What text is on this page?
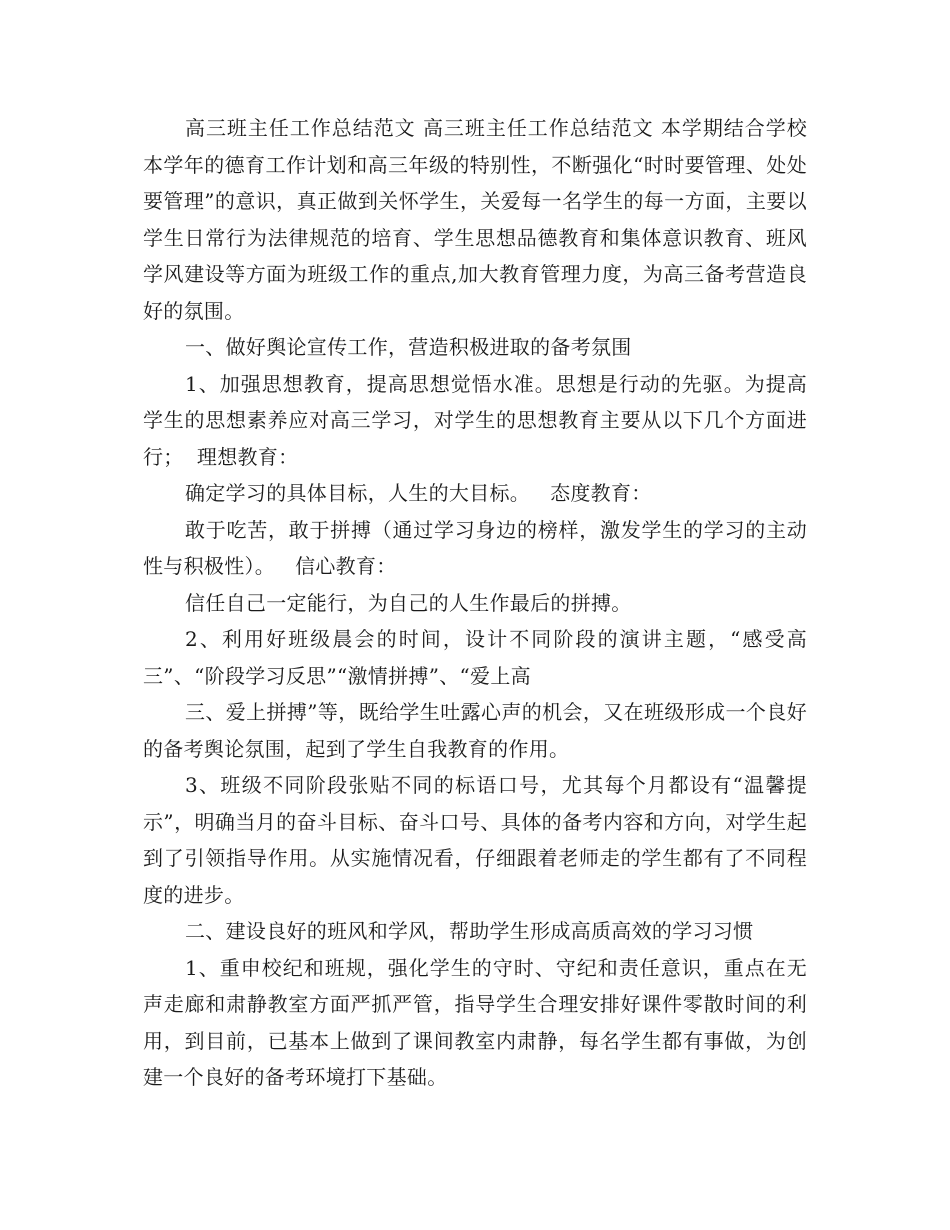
高三班主任工作总结范文 高三班主任工作总结范文 本学期结合学校本学年的德育工作计划和高三年级的特别性，不断强化“时时要管理、处处要管理”的意识，真正做到关怀学生，关爱每一名学生的每一方面，主要以学生日常行为法律规范的培育、学生思想品德教育和集体意识教育、班风学风建设等方面为班级工作的重点,加大教育管理力度，为高三备考营造良好的氛围。

一、做好舆论宣传工作，营造积极进取的备考氛围

1、加强思想教育，提高思想觉悟水准。思想是行动的先驱。为提高学生的思想素养应对高三学习，对学生的思想教育主要从以下几个方面进行；  理想教育：

确定学习的具体目标，人生的大目标。   态度教育：

敢于吃苦，敢于拼搏（通过学习身边的榜样，激发学生的学习的主动性与积极性）。   信心教育：

信任自己一定能行，为自己的人生作最后的拼搏。

2、利用好班级晨会的时间，设计不同阶段的演讲主题，“感受高三”、“阶段学习反思”“激情拼搏”、“爱上高

三、爱上拼搏”等，既给学生吐露心声的机会，又在班级形成一个良好的备考舆论氛围，起到了学生自我教育的作用。

3、班级不同阶段张贴不同的标语口号，尤其每个月都设有“温馨提示”，明确当月的奋斗目标、奋斗口号、具体的备考内容和方向，对学生起到了引领指导作用。从实施情况看，仔细跟着老师走的学生都有了不同程度的进步。

二、建设良好的班风和学风，帮助学生形成高质高效的学习习惯

1、重申校纪和班规，强化学生的守时、守纪和责任意识，重点在无声走廊和肃静教室方面严抓严管，指导学生合理安排好课件零散时间的利用，到目前，已基本上做到了课间教室内肃静，每名学生都有事做，为创建一个良好的备考环境打下基础。
